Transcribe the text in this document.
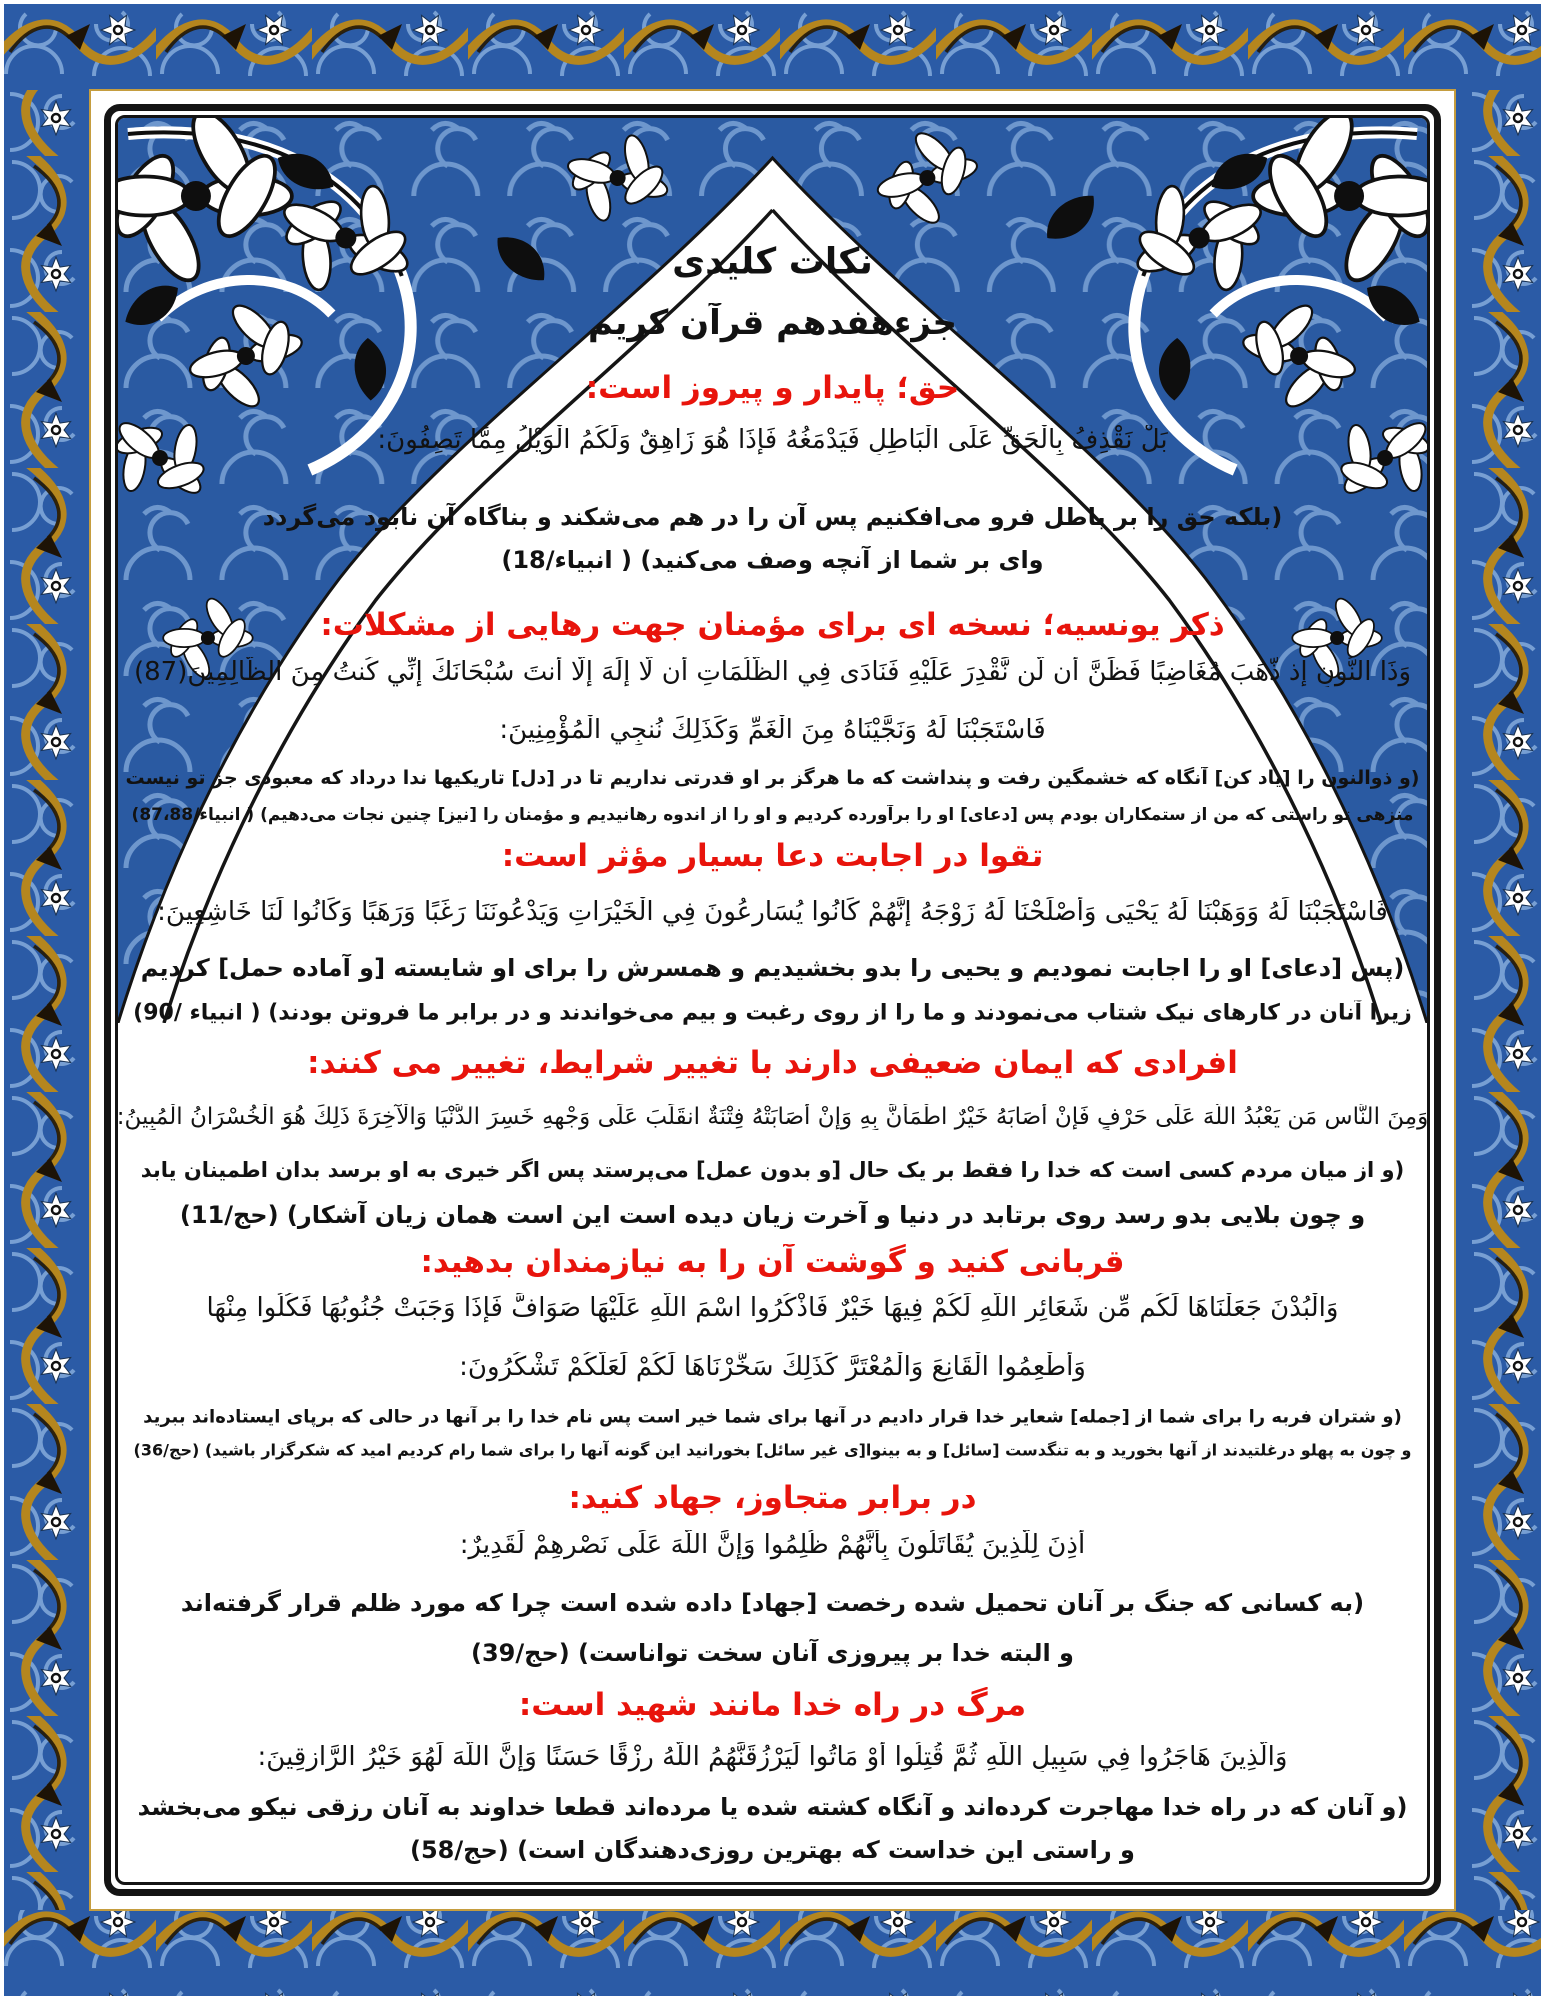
نکات کلیدی
جزءهفدهم قرآن کریم
حق؛ پایدار و پیروز است:
بَلْ نَقْذِفُ بِالْحَقِّ عَلَى الْبَاطِلِ فَيَدْمَغُهُ فَإِذَا هُوَ زَاهِقٌ وَلَكُمُ الْوَيْلُ مِمَّا تَصِفُونَ:
(بلکه حق را بر باطل فرو می‌افکنیم پس آن را در هم می‌شکند و بناگاه آن نابود می‌گردد
وای بر شما از آنچه وصف می‌کنید) ( انبیاء/18)
ذکر یونسیه؛ نسخه ای برای مؤمنان جهت رهایی از مشکلات:
وَذَا النُّونِ إِذ ذَّهَبَ مُغَاضِبًا فَظَنَّ أَن لَّن نَّقْدِرَ عَلَيْهِ فَنَادَى فِي الظُّلُمَاتِ أَن لَّا إِلَهَ إِلَّا أَنتَ سُبْحَانَكَ إِنِّي كُنتُ مِنَ الظَّالِمِينَ(87)
فَاسْتَجَبْنَا لَهُ وَنَجَّيْنَاهُ مِنَ الْغَمِّ وَكَذَلِكَ نُنجِي الْمُؤْمِنِينَ:
(و ذوالنون را [یاد کن] آنگاه که خشمگین رفت و پنداشت که ما هرگز بر او قدرتی نداریم تا در [دل] تاریکیها ندا درداد که معبودی جز تو نیست
منزهی تو راستی که من از ستمکاران بودم پس [دعای] او را برآورده کردیم و او را از اندوه رهانیدیم و مؤمنان را [نیز] چنین نجات می‌دهیم) ( انبیاء/87،88)
تقوا در اجابت دعا بسیار مؤثر است:
فَاسْتَجَبْنَا لَهُ وَوَهَبْنَا لَهُ يَحْيَى وَأَصْلَحْنَا لَهُ زَوْجَهُ إِنَّهُمْ كَانُوا يُسَارِعُونَ فِي الْخَيْرَاتِ وَيَدْعُونَنَا رَغَبًا وَرَهَبًا وَكَانُوا لَنَا خَاشِعِينَ:
(پس [دعای] او را اجابت نمودیم و یحیی را بدو بخشیدیم و همسرش را برای او شایسته [و آماده حمل] کردیم
زیرا آنان در کارهای نیک شتاب می‌نمودند و ما را از روی رغبت و بیم می‌خواندند و در برابر ما فروتن بودند) ( انبیاء /90)
افرادی که ایمان ضعیفی دارند با تغییر شرایط، تغییر می کنند:
وَمِنَ النَّاسِ مَن يَعْبُدُ اللَّهَ عَلَى حَرْفٍ فَإِنْ أَصَابَهُ خَيْرٌ اطْمَأَنَّ بِهِ وَإِنْ أَصَابَتْهُ فِتْنَةٌ انقَلَبَ عَلَى وَجْهِهِ خَسِرَ الدُّنْيَا وَالْآخِرَةَ ذَلِكَ هُوَ الْخُسْرَانُ الْمُبِينُ:
(و از میان مردم کسی است که خدا را فقط بر یک حال [و بدون عمل] می‌پرستد پس اگر خیری به او برسد بدان اطمینان یابد
و چون بلایی بدو رسد روی برتابد در دنیا و آخرت زیان دیده است این است همان زیان آشکار) (حج/11)
قربانی کنید و گوشت آن را به نیازمندان بدهید:
وَالْبُدْنَ جَعَلْنَاهَا لَكُم مِّن شَعَائِرِ اللَّهِ لَكُمْ فِيهَا خَيْرٌ فَاذْكُرُوا اسْمَ اللَّهِ عَلَيْهَا صَوَافَّ فَإِذَا وَجَبَتْ جُنُوبُهَا فَكُلُوا مِنْهَا
وَأَطْعِمُوا الْقَانِعَ وَالْمُعْتَرَّ كَذَلِكَ سَخَّرْنَاهَا لَكُمْ لَعَلَّكُمْ تَشْكُرُونَ:
(و شتران فربه را برای شما از [جمله] شعایر خدا قرار دادیم در آنها برای شما خیر است پس نام خدا را بر آنها در حالی که برپای ایستاده‌اند ببرید
و چون به پهلو درغلتیدند از آنها بخورید و به تنگدست [سائل] و به بینوا[ی غیر سائل] بخورانید این گونه آنها را برای شما رام کردیم امید که شکرگزار باشید) (حج/36)
در برابر متجاوز، جهاد کنید:
أُذِنَ لِلَّذِينَ يُقَاتَلُونَ بِأَنَّهُمْ ظُلِمُوا وَإِنَّ اللَّهَ عَلَى نَصْرِهِمْ لَقَدِيرٌ:
(به کسانی که جنگ بر آنان تحمیل شده رخصت [جهاد] داده شده است چرا که مورد ظلم قرار گرفته‌اند
و البته خدا بر پیروزی آنان سخت تواناست) (حج/39)
مرگ در راه خدا مانند شهید است:
وَالَّذِينَ هَاجَرُوا فِي سَبِيلِ اللَّهِ ثُمَّ قُتِلُوا أَوْ مَاتُوا لَيَرْزُقَنَّهُمُ اللَّهُ رِزْقًا حَسَنًا وَإِنَّ اللَّهَ لَهُوَ خَيْرُ الرَّازِقِينَ:
(و آنان که در راه خدا مهاجرت کرده‌اند و آنگاه کشته شده یا مرده‌اند قطعا خداوند به آنان رزقی نیکو می‌بخشد
و راستی این خداست که بهترین روزی‌دهندگان است) (حج/58)
